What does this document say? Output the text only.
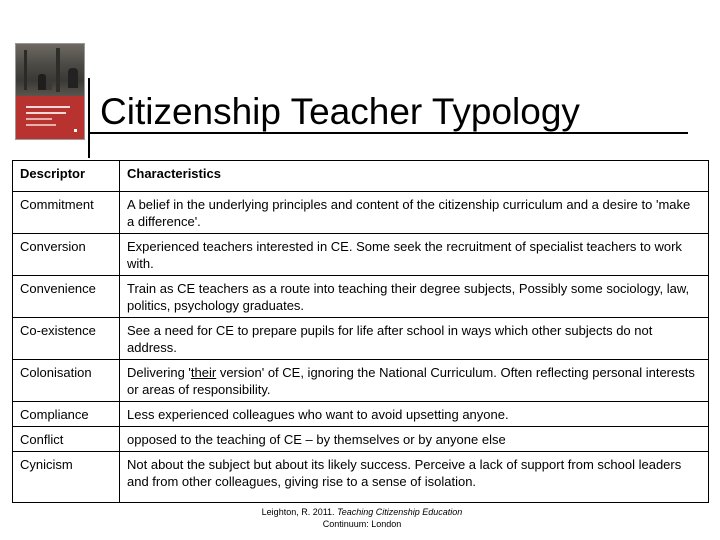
Citizenship Teacher Typology
Descriptor	Characteristics
Commitment	A belief in the underlying principles and content of the citizenship curriculum and a desire to 'make a difference'.
Conversion	Experienced teachers interested in CE. Some seek the recruitment of specialist teachers to work with.
Convenience	Train as CE teachers as a route into teaching their degree subjects, Possibly some sociology, law, politics, psychology graduates.
Co-existence	See a need for CE to prepare pupils for life after school in ways which other subjects do not address.
Colonisation	Delivering 'their version' of CE, ignoring the National Curriculum. Often reflecting personal interests or areas of responsibility.
Compliance	Less experienced colleagues who want to avoid upsetting anyone.
Conflict	opposed to the teaching of CE – by themselves or by anyone else
Cynicism	Not about the subject but about its likely success. Perceive a lack of support from school leaders and from other colleagues, giving rise to a sense of isolation.
Leighton, R. 2011. Teaching Citizenship Education
Continuum: London
